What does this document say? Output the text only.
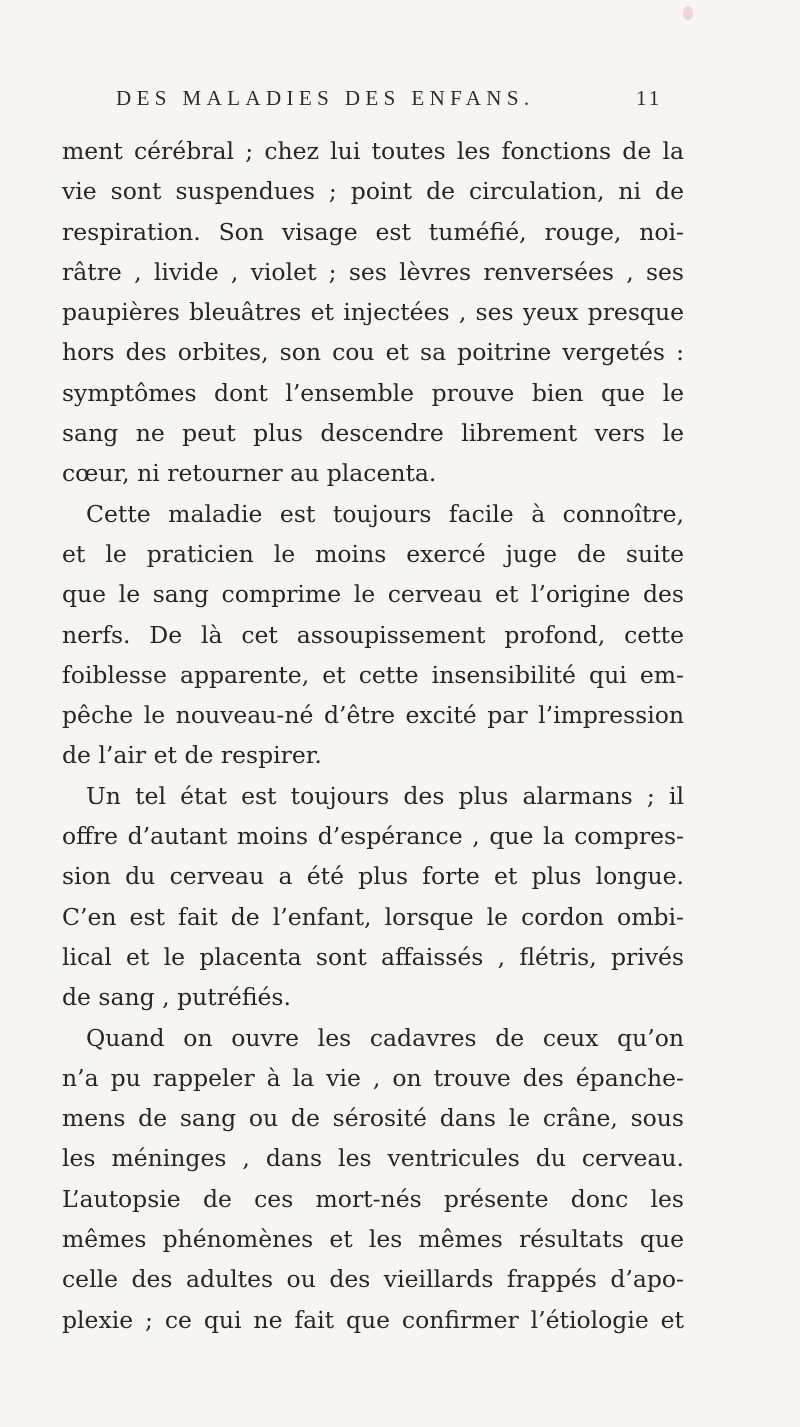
DES MALADIES DES ENFANS.	11
ment cérébral ; chez lui toutes les fonctions de la
vie sont suspendues ; point de circulation, ni de
respiration. Son visage est tuméfié, rouge, noi-
râtre , livide , violet ; ses lèvres renversées , ses
paupières bleuâtres et injectées , ses yeux presque
hors des orbites, son cou et sa poitrine vergetés :
symptômes dont l’ensemble prouve bien que le
sang ne peut plus descendre librement vers le
cœur, ni retourner au placenta.
Cette maladie est toujours facile à connoître,
et le praticien le moins exercé juge de suite
que le sang comprime le cerveau et l’origine des
nerfs. De là cet assoupissement profond, cette
foiblesse apparente, et cette insensibilité qui em-
pêche le nouveau-né d’être excité par l’impression
de l’air et de respirer.
Un tel état est toujours des plus alarmans ; il
offre d’autant moins d’espérance , que la compres-
sion du cerveau a été plus forte et plus longue.
C’en est fait de l’enfant, lorsque le cordon ombi-
lical et le placenta sont affaissés , flétris, privés
de sang , putréfiés.
Quand on ouvre les cadavres de ceux qu’on
n’a pu rappeler à la vie , on trouve des épanche-
mens de sang ou de sérosité dans le crâne, sous
les méninges , dans les ventricules du cerveau.
L’autopsie de ces mort-nés présente donc les
mêmes phénomènes et les mêmes résultats que
celle des adultes ou des vieillards frappés d’apo-
plexie ; ce qui ne fait que confirmer l’étiologie et
